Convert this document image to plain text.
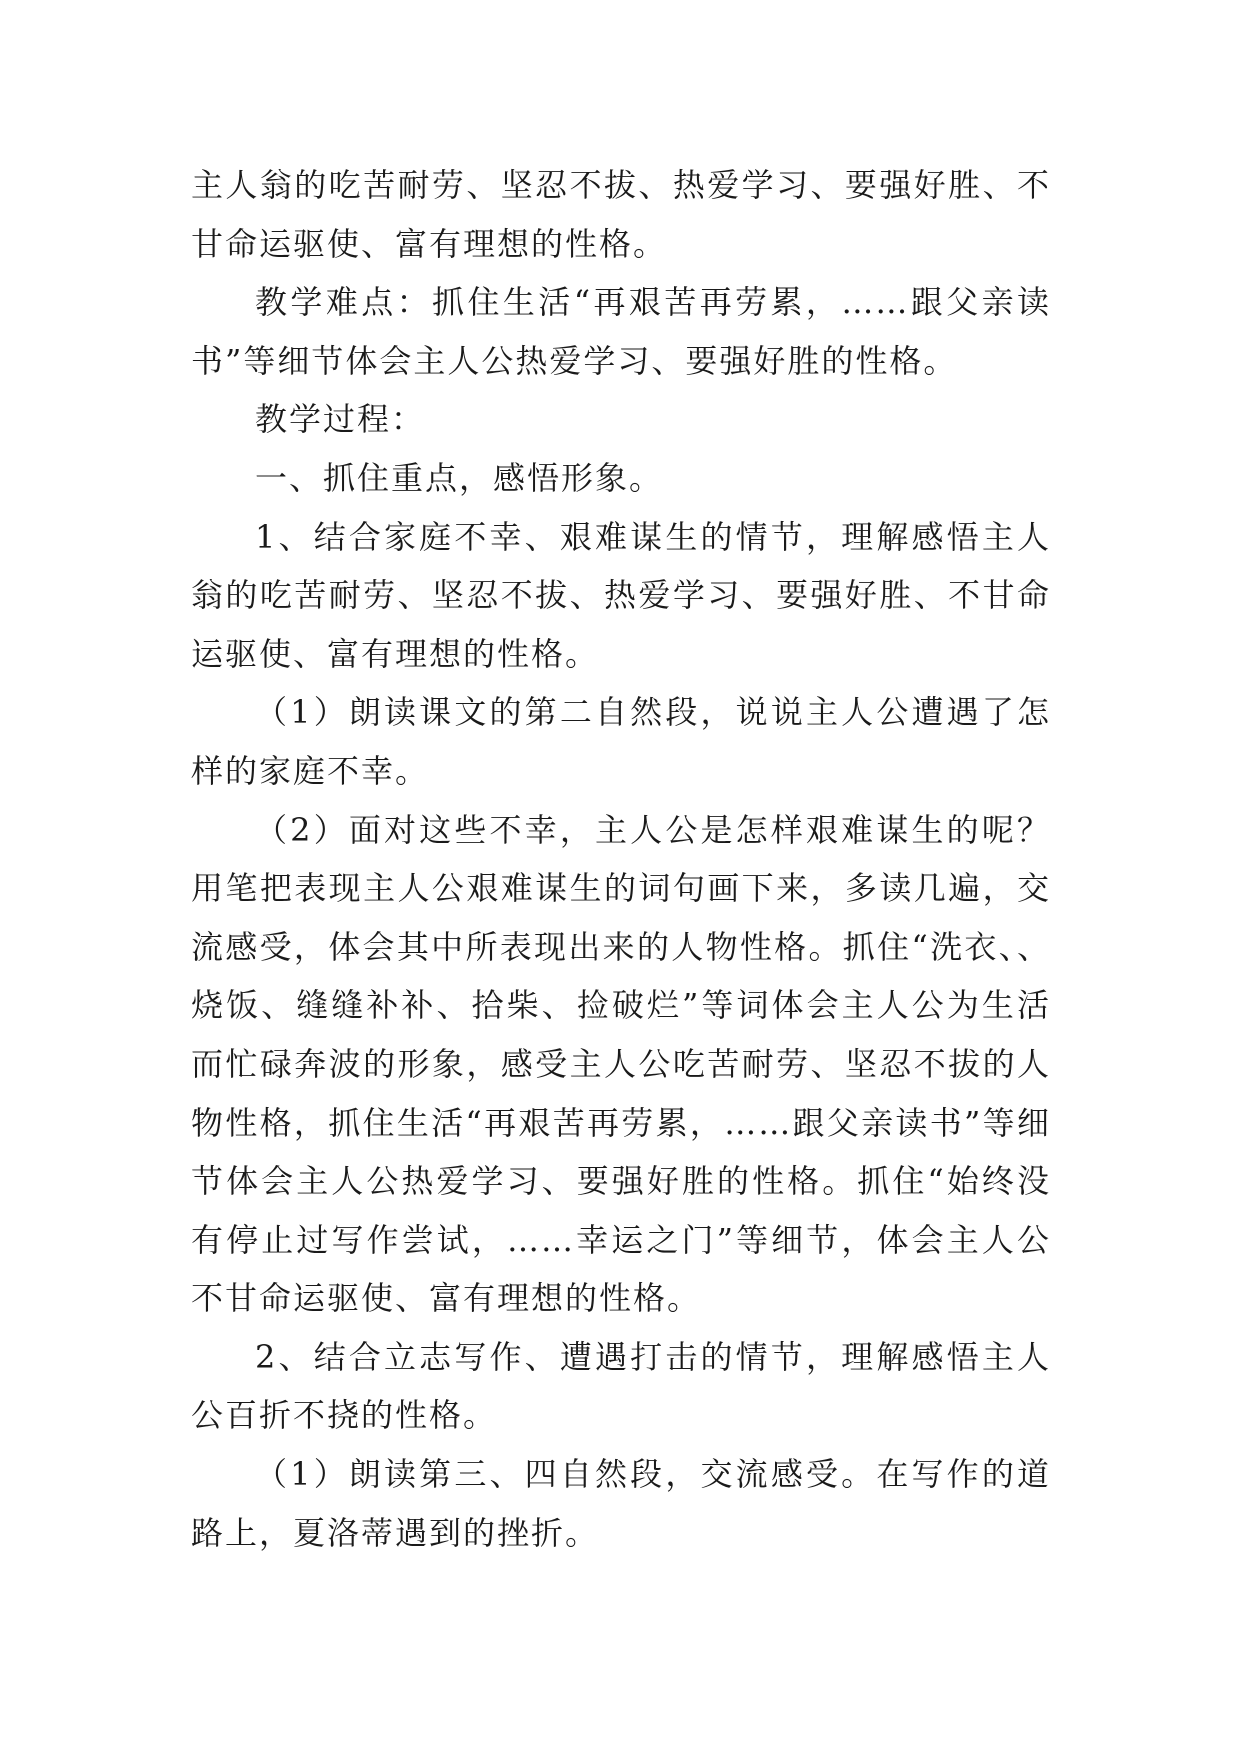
主人翁的吃苦耐劳、坚忍不拔、热爱学习、要强好胜、不甘命运驱使、富有理想的性格。

教学难点：抓住生活“再艰苦再劳累，……跟父亲读书”等细节体会主人公热爱学习、要强好胜的性格。

教学过程：

一、抓住重点，感悟形象。

1、结合家庭不幸、艰难谋生的情节，理解感悟主人翁的吃苦耐劳、坚忍不拔、热爱学习、要强好胜、不甘命运驱使、富有理想的性格。

（1）朗读课文的第二自然段，说说主人公遭遇了怎样的家庭不幸。

（2）面对这些不幸，主人公是怎样艰难谋生的呢？用笔把表现主人公艰难谋生的词句画下来，多读几遍，交流感受，体会其中所表现出来的人物性格。抓住“洗衣、、烧饭、缝缝补补、拾柴、捡破烂”等词体会主人公为生活而忙碌奔波的形象，感受主人公吃苦耐劳、坚忍不拔的人物性格，抓住生活“再艰苦再劳累，……跟父亲读书”等细节体会主人公热爱学习、要强好胜的性格。抓住“始终没有停止过写作尝试，……幸运之门”等细节，体会主人公不甘命运驱使、富有理想的性格。

2、结合立志写作、遭遇打击的情节，理解感悟主人公百折不挠的性格。

（1）朗读第三、四自然段，交流感受。在写作的道路上，夏洛蒂遇到的挫折。
